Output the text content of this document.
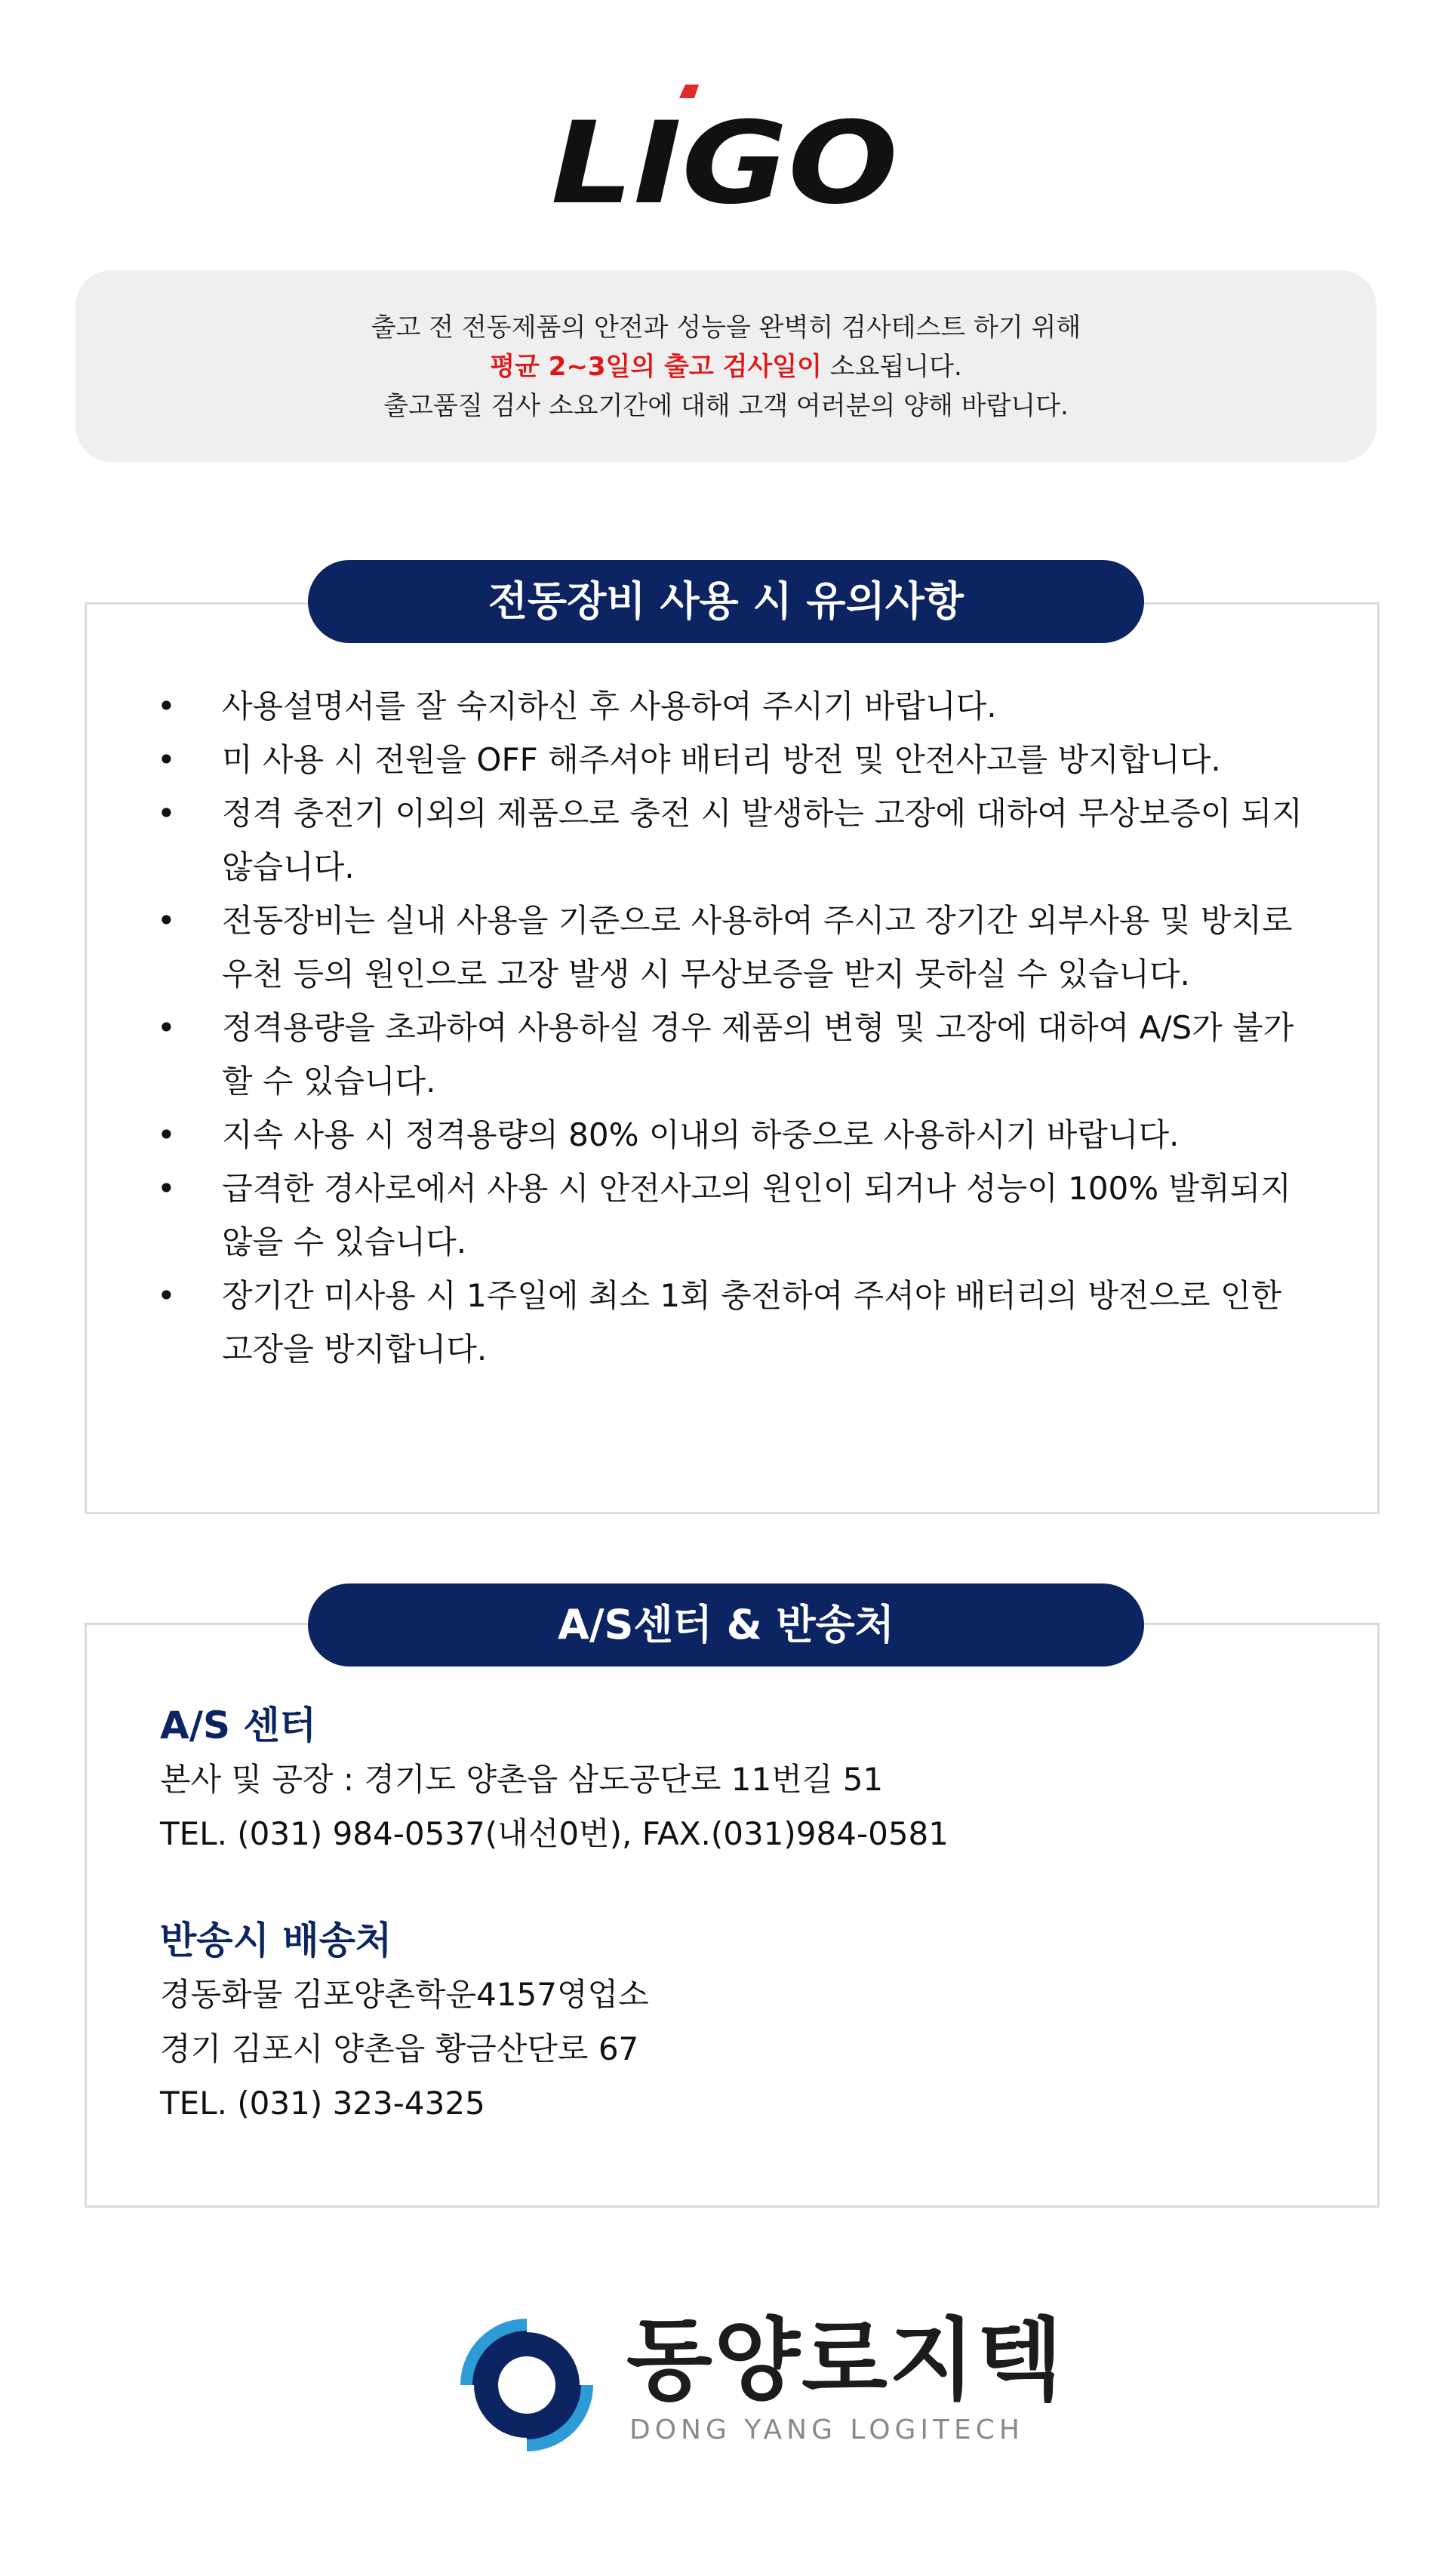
LIGO
출고 전 전동제품의 안전과 성능을 완벽히 검사테스트 하기 위해
평균 2~3일의 출고 검사일이 소요됩니다.
출고품질 검사 소요기간에 대해 고객 여러분의 양해 바랍니다.
전동장비 사용 시 유의사항
• 사용설명서를 잘 숙지하신 후 사용하여 주시기 바랍니다.
• 미 사용 시 전원을 OFF 해주셔야 배터리 방전 및 안전사고를 방지합니다.
• 정격 충전기 이외의 제품으로 충전 시 발생하는 고장에 대하여 무상보증이 되지 않습니다.
• 전동장비는 실내 사용을 기준으로 사용하여 주시고 장기간 외부사용 및 방치로 우천 등의 원인으로 고장 발생 시 무상보증을 받지 못하실 수 있습니다.
• 정격용량을 초과하여 사용하실 경우 제품의 변형 및 고장에 대하여 A/S가 불가할 수 있습니다.
• 지속 사용 시 정격용량의 80% 이내의 하중으로 사용하시기 바랍니다.
• 급격한 경사로에서 사용 시 안전사고의 원인이 되거나 성능이 100% 발휘되지 않을 수 있습니다.
• 장기간 미사용 시 1주일에 최소 1회 충전하여 주셔야 배터리의 방전으로 인한 고장을 방지합니다.
A/S센터 & 반송처
A/S 센터
본사 및 공장 : 경기도 양촌읍 삼도공단로 11번길 51
TEL. (031) 984-0537(내선0번), FAX.(031)984-0581
반송시 배송처
경동화물 김포양촌학운4157영업소
경기 김포시 양촌읍 황금산단로 67
TEL. (031) 323-4325
동양로지텍
DONG YANG LOGITECH
